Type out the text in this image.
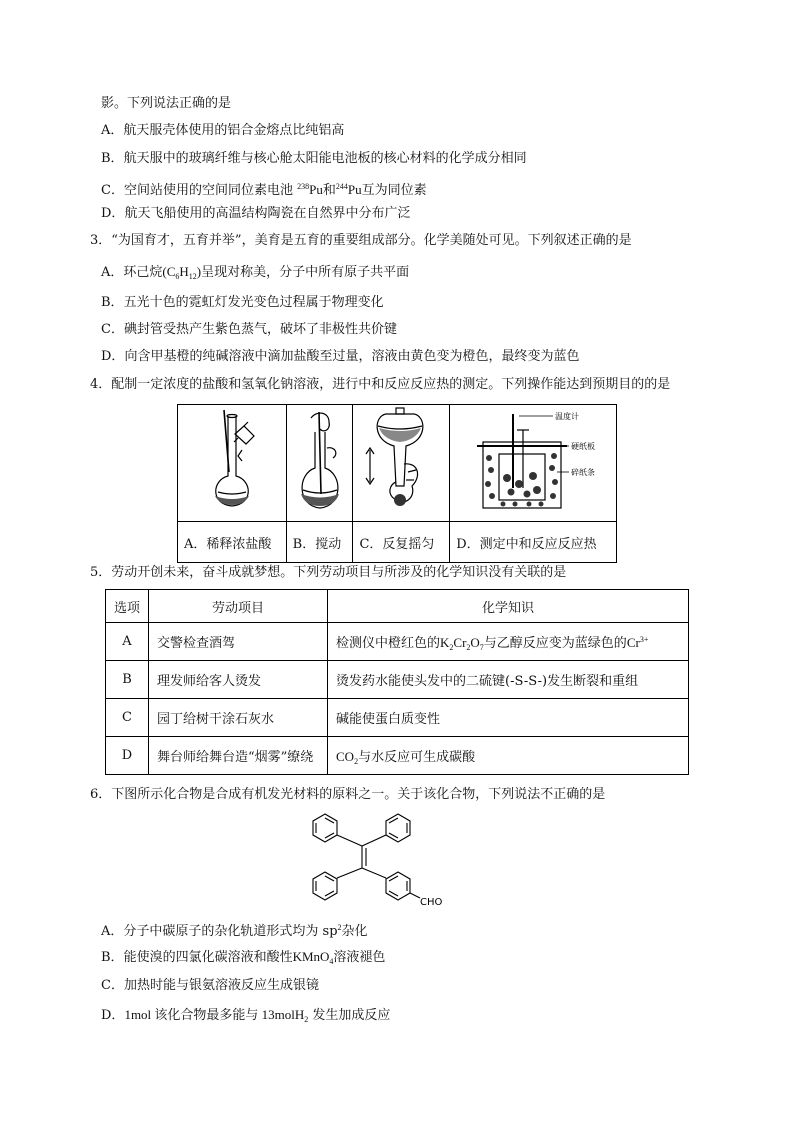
影。下列说法正确的是
A．航天服壳体使用的铝合金熔点比纯铝高
B．航天服中的玻璃纤维与核心舱太阳能电池板的核心材料的化学成分相同
C．空间站使用的空间同位素电池 $^{238}$Pu和$^{244}$Pu互为同位素
D．航天飞船使用的高温结构陶瓷在自然界中分布广泛
3．“为国育才，五育并举”，美育是五育的重要组成部分。化学美随处可见。下列叙述正确的是
A．环己烷$(C_6H_{12})$呈现对称美，分子中所有原子共平面
B．五光十色的霓虹灯发光变色过程属于物理变化
C．碘封管受热产生紫色蒸气，破坏了非极性共价键
D．向含甲基橙的纯碱溶液中滴加盐酸至过量，溶液由黄色变为橙色，最终变为蓝色
4．配制一定浓度的盐酸和氢氧化钠溶液，进行中和反应反应热的测定。下列操作能达到预期目的的是

温度计
硬纸板
碎纸条

A．稀释浓盐酸	B．搅动	C．反复摇匀	D．测定中和反应反应热
5．劳动开创未来，奋斗成就梦想。下列劳动项目与所涉及的化学知识没有关联的是
选项	劳动项目	化学知识
A	交警检查酒驾	检测仪中橙红色的$K_2Cr_2O_7$与乙醇反应变为蓝绿色的$Cr^{3+}$
B	理发师给客人烫发	烫发药水能使头发中的二硫键(-S-S-)发生断裂和重组
C	园丁给树干涂石灰水	碱能使蛋白质变性
D	舞台师给舞台造“烟雾”缭绕	$CO_2$与水反应可生成碳酸
6．下图所示化合物是合成有机发光材料的原料之一。关于该化合物，下列说法不正确的是
CHO
A．分子中碳原子的杂化轨道形式均为 $sp^2$杂化
B．能使溴的四氯化碳溶液和酸性KMnO$_4$溶液褪色
C．加热时能与银氨溶液反应生成银镜
D．1mol 该化合物最多能与 13molH$_2$ 发生加成反应
